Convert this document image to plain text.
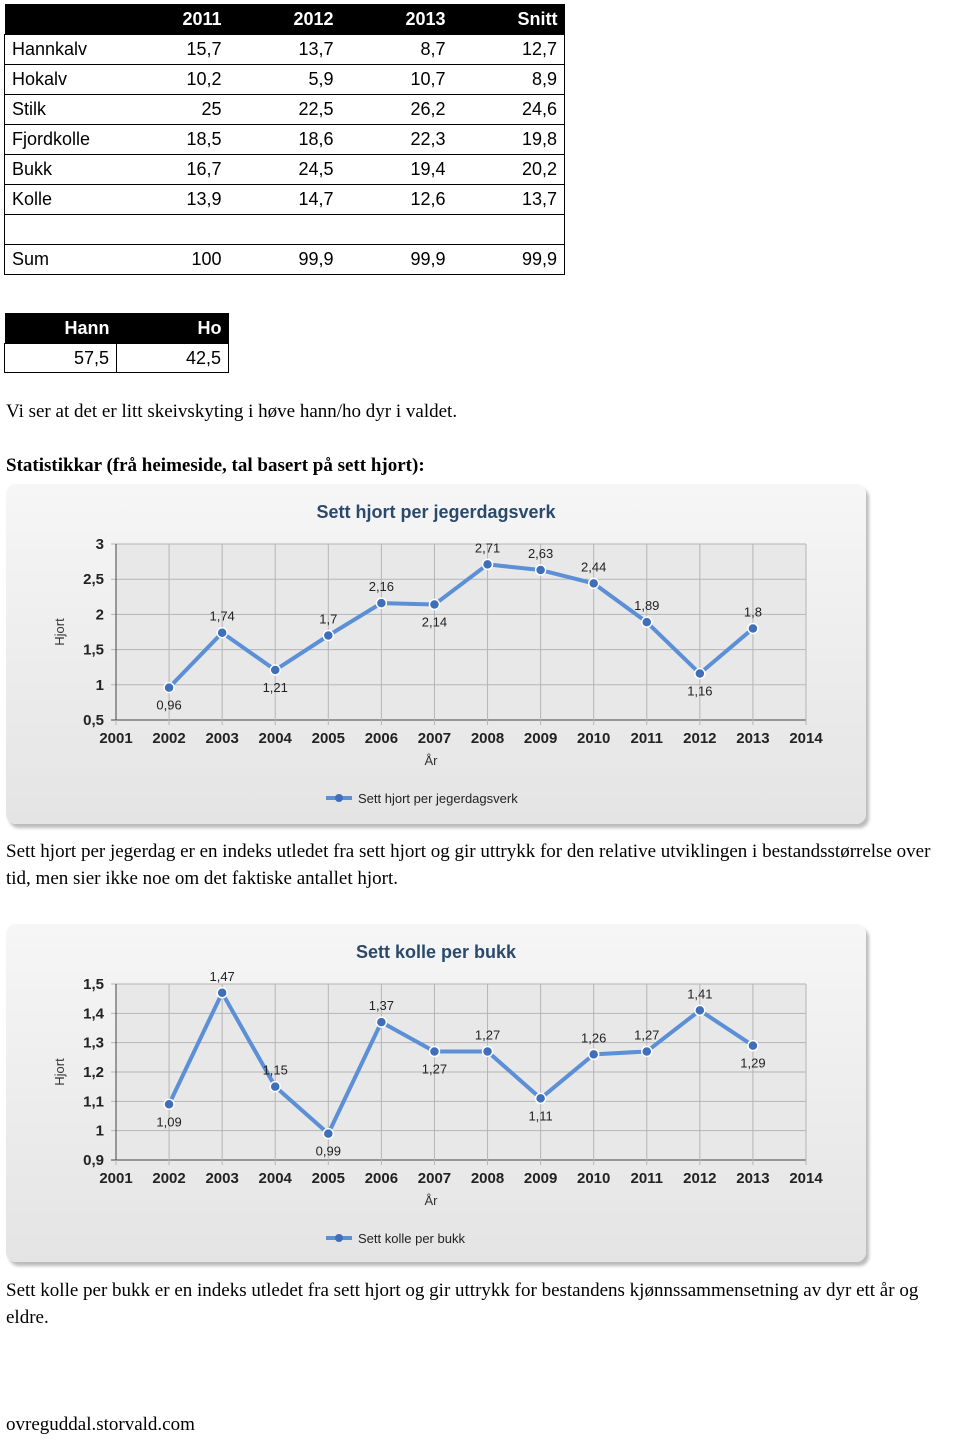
	2011	2012	2013	Snitt
Hannkalv	15,7	13,7	8,7	12,7
Hokalv	10,2	5,9	10,7	8,9
Stilk	25	22,5	26,2	24,6
Fjordkolle	18,5	18,6	22,3	19,8
Bukk	16,7	24,5	19,4	20,2
Kolle	13,9	14,7	12,6	13,7

Sum	100	99,9	99,9	99,9
Hann	Ho
57,5	42,5
Vi ser at det er litt skeivskyting i høve hann/ho dyr i valdet.
Statistikkar (frå heimeside, tal basert på sett hjort):
Sett hjort per jegerdagsverk
0,5
1
1,5
2
2,5
3
2001 2002 2003 2004 2005 2006 2007 2008 2009 2010 2011 2012 2013 2014
År
Hjort
0,96
1,74
1,21
1,7
2,16
2,14
2,71 2,63
2,44
1,89
1,16
1,8
Sett hjort per jegerdagsverk
Sett hjort per jegerdag er en indeks utledet fra sett hjort og gir uttrykk for den relative utviklingen i bestandsstørrelse over tid, men sier ikke noe om det faktiske antallet hjort.
Sett kolle per bukk
0,9
1
1,1
1,2
1,3
1,4
1,5
2001 2002 2003 2004 2005 2006 2007 2008 2009 2010 2011 2012 2013 2014
År
Hjort
1,09
1,47
1,15
0,99
1,37
1,27
1,27
1,11
1,26 1,27
1,41
1,29
Sett kolle per bukk
Sett kolle per bukk er en indeks utledet fra sett hjort og gir uttrykk for bestandens kjønnssammensetning av dyr ett år og eldre.
ovreguddal.storvald.com
